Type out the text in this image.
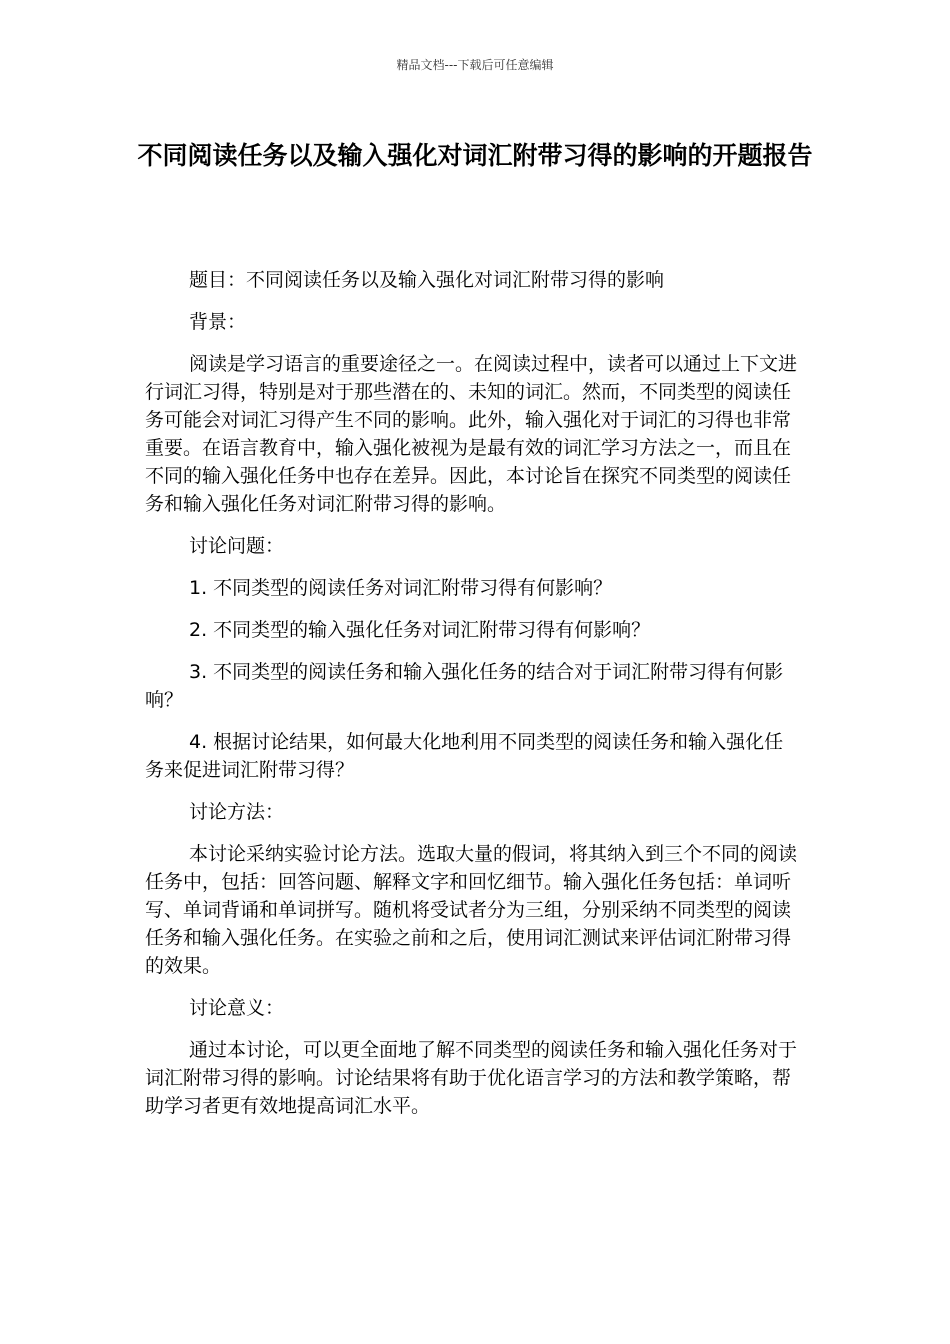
精品文档---下载后可任意编辑
不同阅读任务以及输入强化对词汇附带习得的影响的开题报告

题目：不同阅读任务以及输入强化对词汇附带习得的影响

背景：

阅读是学习语言的重要途径之一。在阅读过程中，读者可以通过上下文进行词汇习得，特别是对于那些潜在的、未知的词汇。然而，不同类型的阅读任务可能会对词汇习得产生不同的影响。此外，输入强化对于词汇的习得也非常重要。在语言教育中，输入强化被视为是最有效的词汇学习方法之一，而且在不同的输入强化任务中也存在差异。因此，本讨论旨在探究不同类型的阅读任务和输入强化任务对词汇附带习得的影响。

讨论问题：

1. 不同类型的阅读任务对词汇附带习得有何影响？

2. 不同类型的输入强化任务对词汇附带习得有何影响？

3. 不同类型的阅读任务和输入强化任务的结合对于词汇附带习得有何影响？

4. 根据讨论结果，如何最大化地利用不同类型的阅读任务和输入强化任务来促进词汇附带习得？

讨论方法：

本讨论采纳实验讨论方法。选取大量的假词，将其纳入到三个不同的阅读任务中，包括：回答问题、解释文字和回忆细节。输入强化任务包括：单词听写、单词背诵和单词拼写。随机将受试者分为三组，分别采纳不同类型的阅读任务和输入强化任务。在实验之前和之后，使用词汇测试来评估词汇附带习得的效果。

讨论意义：

通过本讨论，可以更全面地了解不同类型的阅读任务和输入强化任务对于词汇附带习得的影响。讨论结果将有助于优化语言学习的方法和教学策略，帮助学习者更有效地提高词汇水平。
